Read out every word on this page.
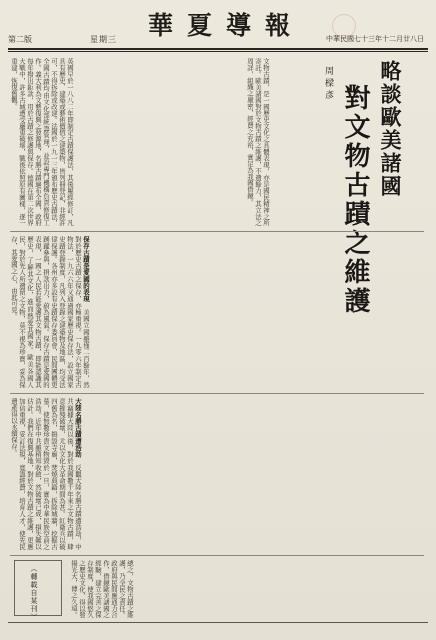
第二版	星期三	華夏導報	中華民國七十三年十二月廿八日
略談歐美諸國
對文物古蹟之維護
周樑彥

文物古蹟，是一國歷史文化之具體表現，亦是國民精神之所寄託。歐美諸國對於文物古蹟之維護，不遺餘力，其立法之周詳，組織之嚴密，經費之充裕，實足為我國借鏡。

英國早於一八八二年即制定古蹟保護法，其後屢經修訂，凡具有歷史、建築或藝術價值之建築物，皆列冊登記，非經許可，不得拆除或改建。法國於一九一三年頒布歷史古蹟法，全國古蹟均由文化部統籌管理，並設專門機構負責修復工作。義大利為文藝復興之發源地，名勝古蹟遍布全國，政府每年撥出鉅款，用於古蹟之修護與保存。德國在第二次世界大戰中，許多古城遭受嚴重破壞，戰後依照原有圖樣，逐一重建，恢復舊觀。

保存古蹟是愛國的表現　美國立國雖僅二百餘年，然對於歷史古蹟之保存，亦極重視。一九零六年制定古物法，一九六六年又通過國家歷史保存法，設立國家史蹟登錄制度，凡列入登錄之建築物及地區，均受法律保護。各州亦多設有史蹟保存委員會，民間團體更踴躍參與，捐款出力，蔚為風氣。保存古蹟是愛國的表現，一國之人民若能愛護其文物古蹟，即能認識其歷史，了解其文化，進而熱愛其國家。歐美各國人民，對於先人所遺留之文物，莫不視為珍寶，妥為保存，其愛國之心，由此可見。

大陸名勝古蹟遭浩劫　反觀大陸名勝古蹟遭浩劫，中共竊據大陸以後，對於我國數千年來之文物古蹟，肆意摧殘破壞，尤以文化大革命期間為甚。紅衛兵以破四舊為名，搗毀寺廟，焚燒典籍，拆除城牆，挖掘古墓，使無數珍貴文物毀於一旦，實為中華民族空前之浩劫。近年中共雖稍知收斂，然破壞已成，損失難以估計。我們在復興基地，對於文物古蹟之維護，更應加倍重視，妥訂法規，寬籌經費，培育人才，使先民遺產得以永續保存。

總之，文物古蹟之維護，乃全民之責任。政府與民間應通力合作，借鏡歐美諸國之經驗，建立完善之保存制度，使我國悠久之歷史文化，得以發揚光大，傳之久遠。

（轉載自某刊）
